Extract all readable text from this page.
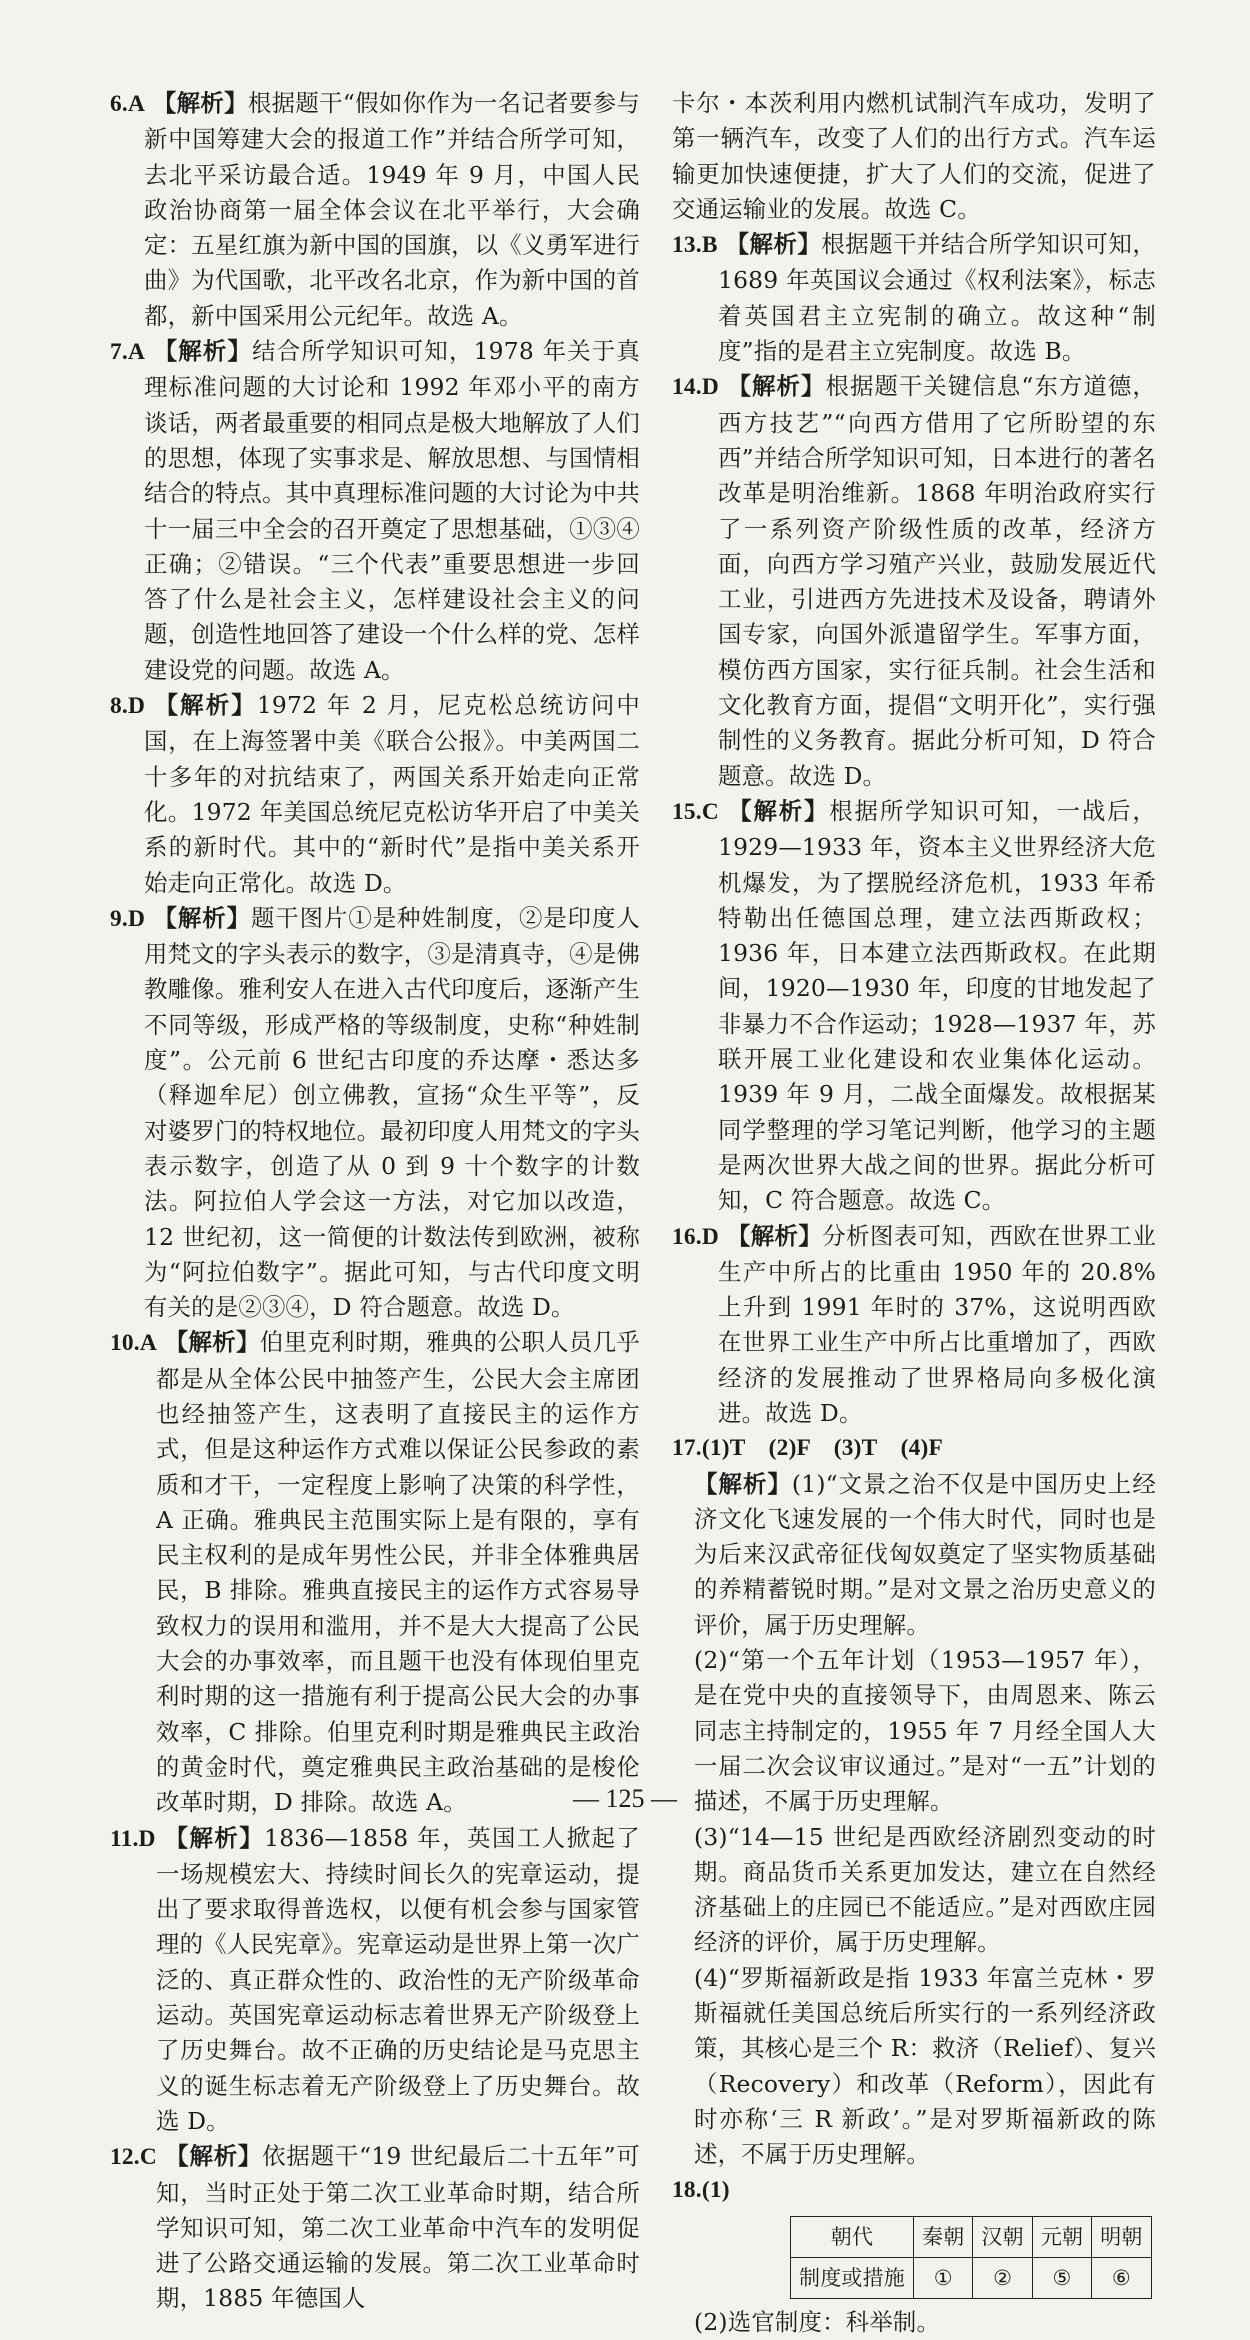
6.A 【解析】根据题干“假如你作为一名记者要参与新中国筹建大会的报道工作”并结合所学可知，去北平采访最合适。1949 年 9 月，中国人民政治协商第一届全体会议在北平举行，大会确定：五星红旗为新中国的国旗，以《义勇军进行曲》为代国歌，北平改名北京，作为新中国的首都，新中国采用公元纪年。故选 A。

7.A 【解析】结合所学知识可知，1978 年关于真理标准问题的大讨论和 1992 年邓小平的南方谈话，两者最重要的相同点是极大地解放了人们的思想，体现了实事求是、解放思想、与国情相结合的特点。其中真理标准问题的大讨论为中共十一届三中全会的召开奠定了思想基础，①③④正确；②错误。“三个代表”重要思想进一步回答了什么是社会主义，怎样建设社会主义的问题，创造性地回答了建设一个什么样的党、怎样建设党的问题。故选 A。

8.D 【解析】1972 年 2 月，尼克松总统访问中国，在上海签署中美《联合公报》。中美两国二十多年的对抗结束了，两国关系开始走向正常化。1972 年美国总统尼克松访华开启了中美关系的新时代。其中的“新时代”是指中美关系开始走向正常化。故选 D。

9.D 【解析】题干图片①是种姓制度，②是印度人用梵文的字头表示的数字，③是清真寺，④是佛教雕像。雅利安人在进入古代印度后，逐渐产生不同等级，形成严格的等级制度，史称“种姓制度”。公元前 6 世纪古印度的乔达摩・悉达多（释迦牟尼）创立佛教，宣扬“众生平等”，反对婆罗门的特权地位。最初印度人用梵文的字头表示数字，创造了从 0 到 9 十个数字的计数法。阿拉伯人学会这一方法，对它加以改造，12 世纪初，这一简便的计数法传到欧洲，被称为“阿拉伯数字”。据此可知，与古代印度文明有关的是②③④，D 符合题意。故选 D。

10.A 【解析】伯里克利时期，雅典的公职人员几乎都是从全体公民中抽签产生，公民大会主席团也经抽签产生，这表明了直接民主的运作方式，但是这种运作方式难以保证公民参政的素质和才干，一定程度上影响了决策的科学性，A 正确。雅典民主范围实际上是有限的，享有民主权利的是成年男性公民，并非全体雅典居民，B 排除。雅典直接民主的运作方式容易导致权力的误用和滥用，并不是大大提高了公民大会的办事效率，而且题干也没有体现伯里克利时期的这一措施有利于提高公民大会的办事效率，C 排除。伯里克利时期是雅典民主政治的黄金时代，奠定雅典民主政治基础的是梭伦改革时期，D 排除。故选 A。

11.D 【解析】1836—1858 年，英国工人掀起了一场规模宏大、持续时间长久的宪章运动，提出了要求取得普选权，以便有机会参与国家管理的《人民宪章》。宪章运动是世界上第一次广泛的、真正群众性的、政治性的无产阶级革命运动。英国宪章运动标志着世界无产阶级登上了历史舞台。故不正确的历史结论是马克思主义的诞生标志着无产阶级登上了历史舞台。故选 D。

12.C 【解析】依据题干“19 世纪最后二十五年”可知，当时正处于第二次工业革命时期，结合所学知识可知，第二次工业革命中汽车的发明促进了公路交通运输的发展。第二次工业革命时期，1885 年德国人

卡尔・本茨利用内燃机试制汽车成功，发明了第一辆汽车，改变了人们的出行方式。汽车运输更加快速便捷，扩大了人们的交流，促进了交通运输业的发展。故选 C。

13.B 【解析】根据题干并结合所学知识可知，1689 年英国议会通过《权利法案》，标志着英国君主立宪制的确立。故这种“制度”指的是君主立宪制度。故选 B。

14.D 【解析】根据题干关键信息“东方道德，西方技艺”“向西方借用了它所盼望的东西”并结合所学知识可知，日本进行的著名改革是明治维新。1868 年明治政府实行了一系列资产阶级性质的改革，经济方面，向西方学习殖产兴业，鼓励发展近代工业，引进西方先进技术及设备，聘请外国专家，向国外派遣留学生。军事方面，模仿西方国家，实行征兵制。社会生活和文化教育方面，提倡“文明开化”，实行强制性的义务教育。据此分析可知，D 符合题意。故选 D。

15.C 【解析】根据所学知识可知，一战后，1929—1933 年，资本主义世界经济大危机爆发，为了摆脱经济危机，1933 年希特勒出任德国总理，建立法西斯政权；1936 年，日本建立法西斯政权。在此期间，1920—1930 年，印度的甘地发起了非暴力不合作运动；1928—1937 年，苏联开展工业化建设和农业集体化运动。1939 年 9 月，二战全面爆发。故根据某同学整理的学习笔记判断，他学习的主题是两次世界大战之间的世界。据此分析可知，C 符合题意。故选 C。

16.D 【解析】分析图表可知，西欧在世界工业生产中所占的比重由 1950 年的 20.8% 上升到 1991 年时的 37%，这说明西欧在世界工业生产中所占比重增加了，西欧经济的发展推动了世界格局向多极化演进。故选 D。

17.(1)T　(2)F　(3)T　(4)F

【解析】(1)“文景之治不仅是中国历史上经济文化飞速发展的一个伟大时代，同时也是为后来汉武帝征伐匈奴奠定了坚实物质基础的养精蓄锐时期。”是对文景之治历史意义的评价，属于历史理解。

(2)“第一个五年计划（1953—1957 年），是在党中央的直接领导下，由周恩来、陈云同志主持制定的，1955 年 7 月经全国人大一届二次会议审议通过。”是对“一五”计划的描述，不属于历史理解。

(3)“14—15 世纪是西欧经济剧烈变动的时期。商品货币关系更加发达，建立在自然经济基础上的庄园已不能适应。”是对西欧庄园经济的评价，属于历史理解。

(4)“罗斯福新政是指 1933 年富兰克林・罗斯福就任美国总统后所实行的一系列经济政策，其核心是三个 R：救济（Relief）、复兴（Recovery）和改革（Reform），因此有时亦称‘三 R 新政’。”是对罗斯福新政的陈述，不属于历史理解。

18.(1)

朝代	秦朝	汉朝	元朝	明朝
制度或措施	①	②	⑤	⑥

(2)选官制度：科举制。

— 125 —
